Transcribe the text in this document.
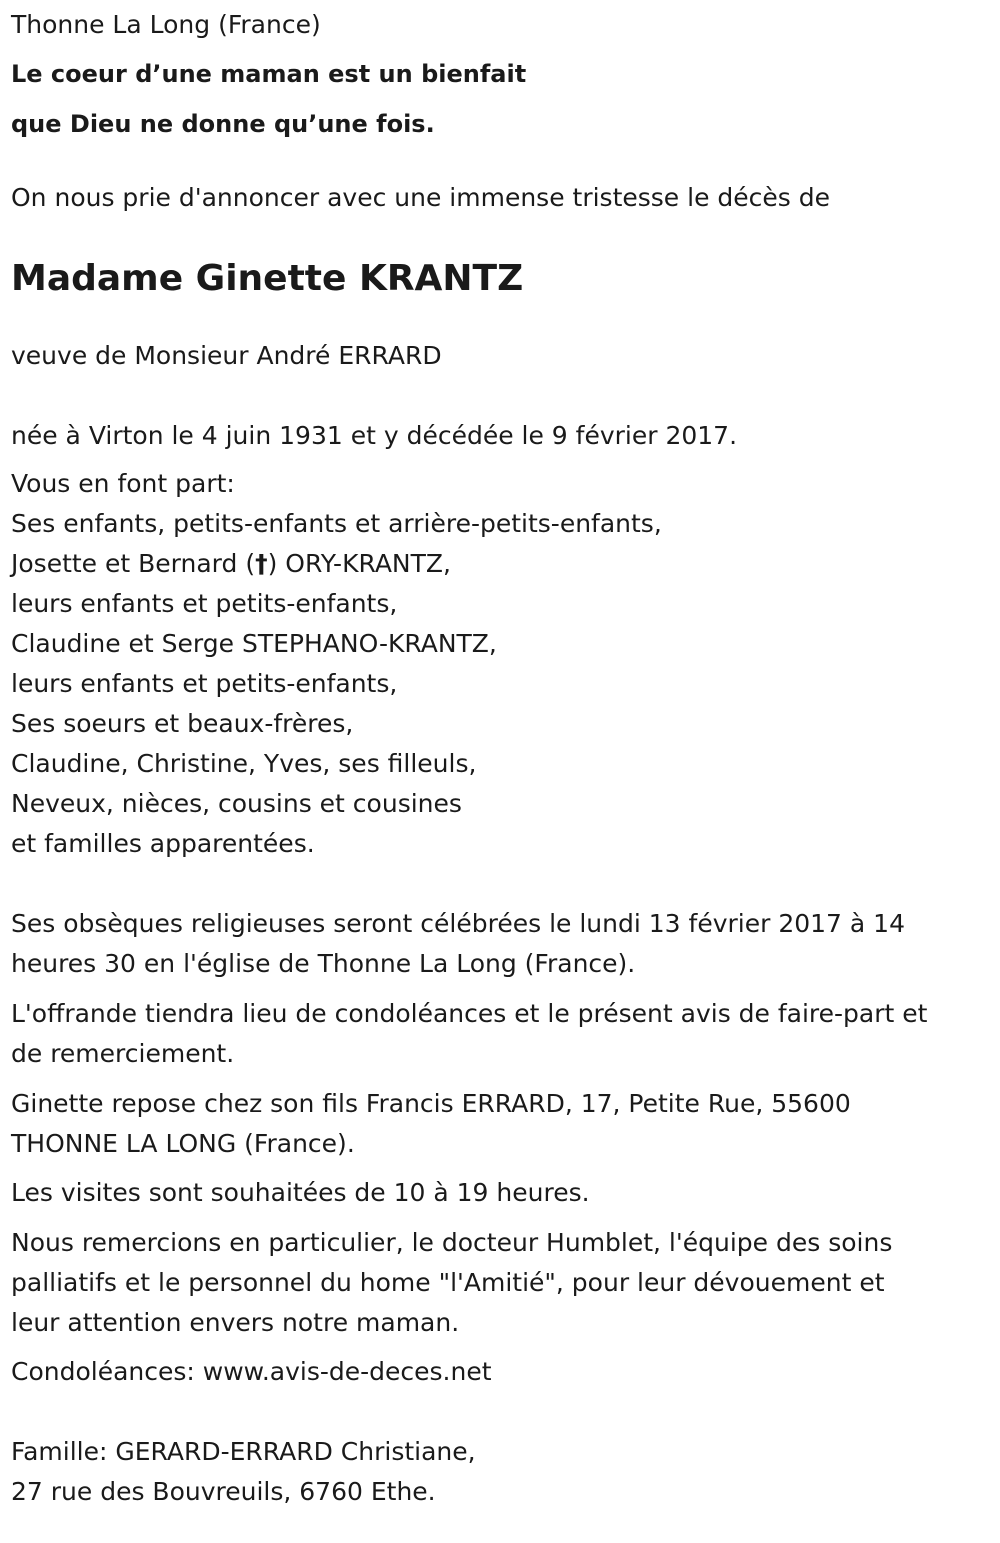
Thonne La Long (France)

Le coeur d’une maman est un bienfait

que Dieu ne donne qu’une fois.

On nous prie d'annoncer avec une immense tristesse le décès de

Madame Ginette KRANTZ

veuve de Monsieur André ERRARD

née à Virton le 4 juin 1931 et y décédée le 9 février 2017.

Vous en font part:

Ses enfants, petits-enfants et arrière-petits-enfants,

Josette et Bernard (†) ORY-KRANTZ,

leurs enfants et petits-enfants,

Claudine et Serge STEPHANO-KRANTZ,

leurs enfants et petits-enfants,

Ses soeurs et beaux-frères,

Claudine, Christine, Yves, ses filleuls,

Neveux, nièces, cousins et cousines

et familles apparentées.

Ses obsèques religieuses seront célébrées le lundi 13 février 2017 à 14

heures 30 en l'église de Thonne La Long (France).

L'offrande tiendra lieu de condoléances et le présent avis de faire-part et

de remerciement.

Ginette repose chez son fils Francis ERRARD, 17, Petite Rue, 55600

THONNE LA LONG (France).

Les visites sont souhaitées de 10 à 19 heures.

Nous remercions en particulier, le docteur Humblet, l'équipe des soins

palliatifs et le personnel du home "l'Amitié", pour leur dévouement et

leur attention envers notre maman.

Condoléances: www.avis-de-deces.net

Famille: GERARD-ERRARD Christiane,

27 rue des Bouvreuils, 6760 Ethe.
